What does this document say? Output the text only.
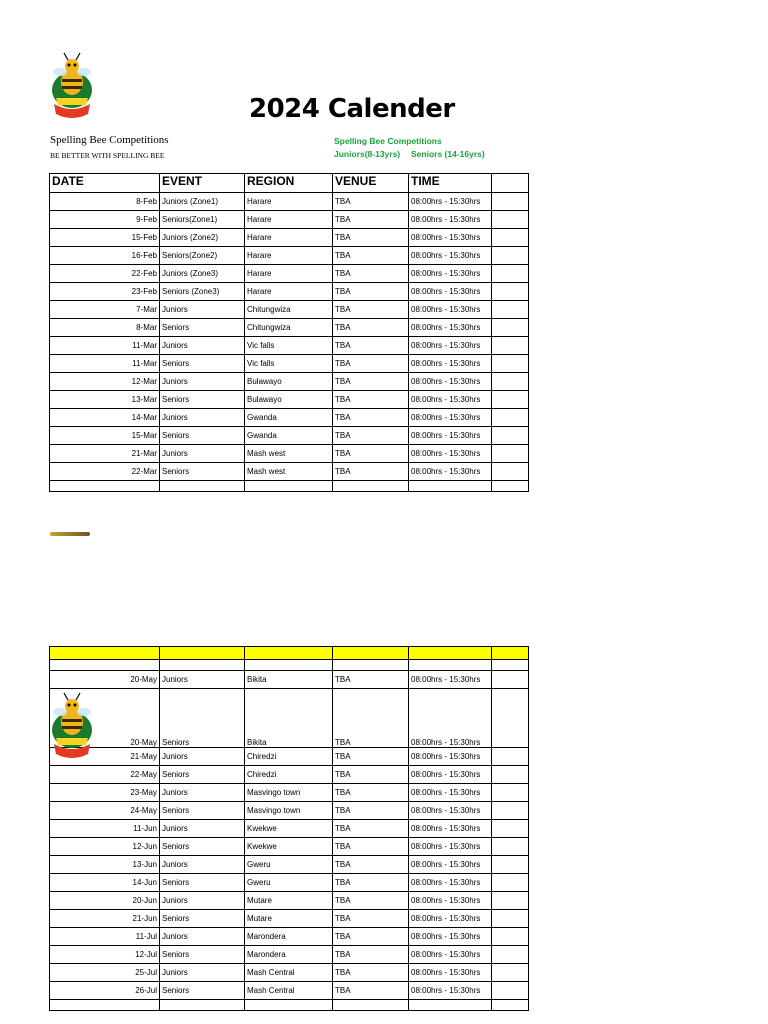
2024 Calender
Spelling Bee Competitions
BE BETTER WITH SPELLING BEE
Spelling Bee Competitions
Juniors(8-13yrs) Seniors (14-16yrs)
DATE	EVENT	REGION	VENUE	TIME	
8-Feb	Juniors (Zone1)	Harare	TBA	08:00hrs - 15:30hrs	
9-Feb	Seniors(Zone1)	Harare	TBA	08:00hrs - 15:30hrs	
15-Feb	Juniors (Zone2)	Harare	TBA	08:00hrs - 15:30hrs	
16-Feb	Seniors(Zone2)	Harare	TBA	08:00hrs - 15:30hrs	
22-Feb	Juniors (Zone3)	Harare	TBA	08:00hrs - 15:30hrs	
23-Feb	Seniors (Zone3)	Harare	TBA	08:00hrs - 15:30hrs	
7-Mar	Juniors	Chitungwiza	TBA	08:00hrs - 15:30hrs	
8-Mar	Seniors	Chitungwiza	TBA	08:00hrs - 15:30hrs	
11-Mar	Juniors	Vic falls	TBA	08:00hrs - 15:30hrs	
11-Mar	Seniors	Vic falls	TBA	08:00hrs - 15:30hrs	
12-Mar	Juniors	Bulawayo	TBA	08:00hrs - 15:30hrs	
13-Mar	Seniors	Bulawayo	TBA	08:00hrs - 15:30hrs	
14-Mar	Juniors	Gwanda	TBA	08:00hrs - 15:30hrs	
15-Mar	Seniors	Gwanda	TBA	08:00hrs - 15:30hrs	
21-Mar	Juniors	Mash west	TBA	08:00hrs - 15:30hrs	
22-Mar	Seniors	Mash west	TBA	08:00hrs - 15:30hrs	

20-May	Juniors	Bikita	TBA	08:00hrs - 15:30hrs	
20-May	Seniors	Bikita	TBA	08:00hrs - 15:30hrs	
21-May	Juniors	Chiredzi	TBA	08:00hrs - 15:30hrs	
22-May	Seniors	Chiredzi	TBA	08:00hrs - 15:30hrs	
23-May	Juniors	Masvingo town	TBA	08:00hrs - 15:30hrs	
24-May	Seniors	Masvingo town	TBA	08:00hrs - 15:30hrs	
11-Jun	Juniors	Kwekwe	TBA	08:00hrs - 15:30hrs	
12-Jun	Seniors	Kwekwe	TBA	08:00hrs - 15:30hrs	
13-Jun	Juniors	Gweru	TBA	08:00hrs - 15:30hrs	
14-Jun	Seniors	Gweru	TBA	08:00hrs - 15:30hrs	
20-Jun	Juniors	Mutare	TBA	08:00hrs - 15:30hrs	
21-Jun	Seniors	Mutare	TBA	08:00hrs - 15:30hrs	
11-Jul	Juniors	Marondera	TBA	08:00hrs - 15:30hrs	
12-Jul	Seniors	Marondera	TBA	08:00hrs - 15:30hrs	
25-Jul	Juniors	Mash Central	TBA	08:00hrs - 15:30hrs	
26-Jul	Seniors	Mash Central	TBA	08:00hrs - 15:30hrs	
